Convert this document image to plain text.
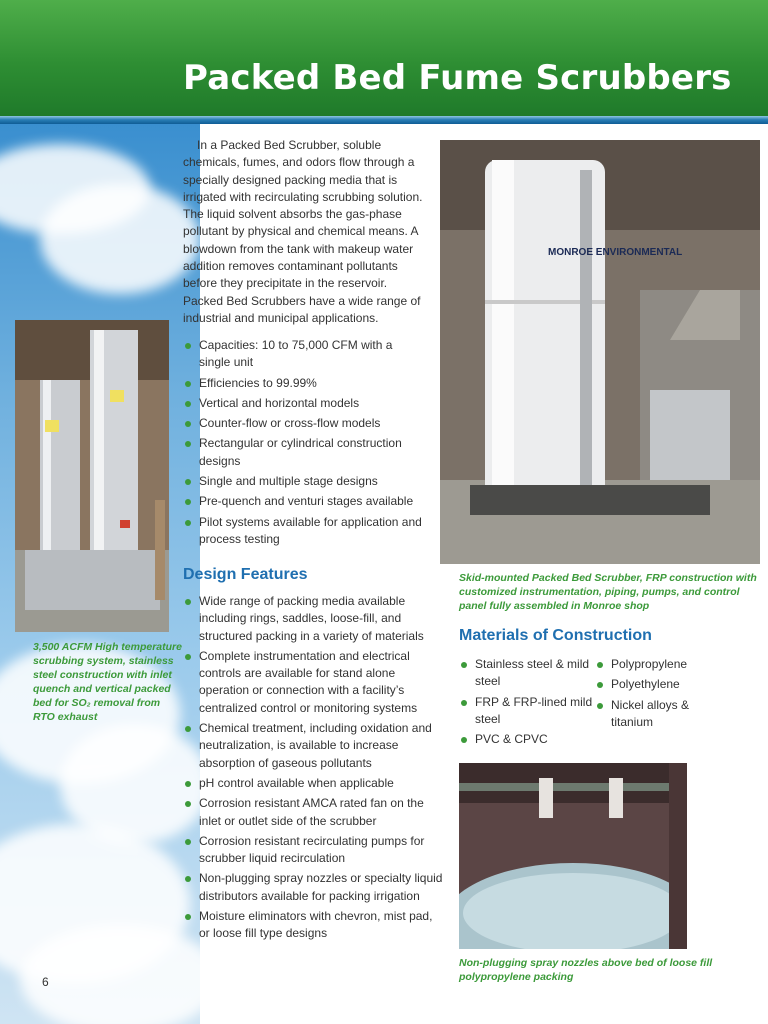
Packed Bed Fume Scrubbers
3,500 ACFM High temperature scrubbing system, stainless steel construction with inlet quench and vertical packed bed for SO₂ removal from RTO exhaust
In a Packed Bed Scrubber, soluble chemicals, fumes, and odors flow through a specially designed packing media that is irrigated with recirculating scrubbing solution. The liquid solvent absorbs the gas-phase pollutant by physical and chemical means. A blowdown from the tank with makeup water addition removes contaminant pollutants before they precipitate in the reservoir. Packed Bed Scrubbers have a wide range of industrial and municipal applications.
Capacities: 10 to 75,000 CFM with a single unit
Efficiencies to 99.99%
Vertical and horizontal models
Counter-flow or cross-flow models
Rectangular or cylindrical construction designs
Single and multiple stage designs
Pre-quench and venturi stages available
Pilot systems available for application and process testing
Design Features
Wide range of packing media available including rings, saddles, loose-fill, and structured packing in a variety of materials
Complete instrumentation and electrical controls are available for stand alone operation or connection with a facility’s centralized control or monitoring systems
Chemical treatment, including oxidation and neutralization, is available to increase absorption of gaseous pollutants
pH control available when applicable
Corrosion resistant AMCA rated fan on the inlet or outlet side of the scrubber
Corrosion resistant recirculating pumps for scrubber liquid recirculation
Non-plugging spray nozzles or specialty liquid distributors available for packing irrigation
Moisture eliminators with chevron, mist pad, or loose fill type designs
MONROE ENVIRONMENTAL
Skid-mounted Packed Bed Scrubber, FRP construction with customized instrumentation, piping, pumps, and control panel fully assembled in Monroe shop
Materials of Construction
Stainless steel & mild steel
FRP & FRP-lined mild steel
PVC & CPVC
Polypropylene
Polyethylene
Nickel alloys & titanium
Non-plugging spray nozzles above bed of loose fill polypropylene packing
6
